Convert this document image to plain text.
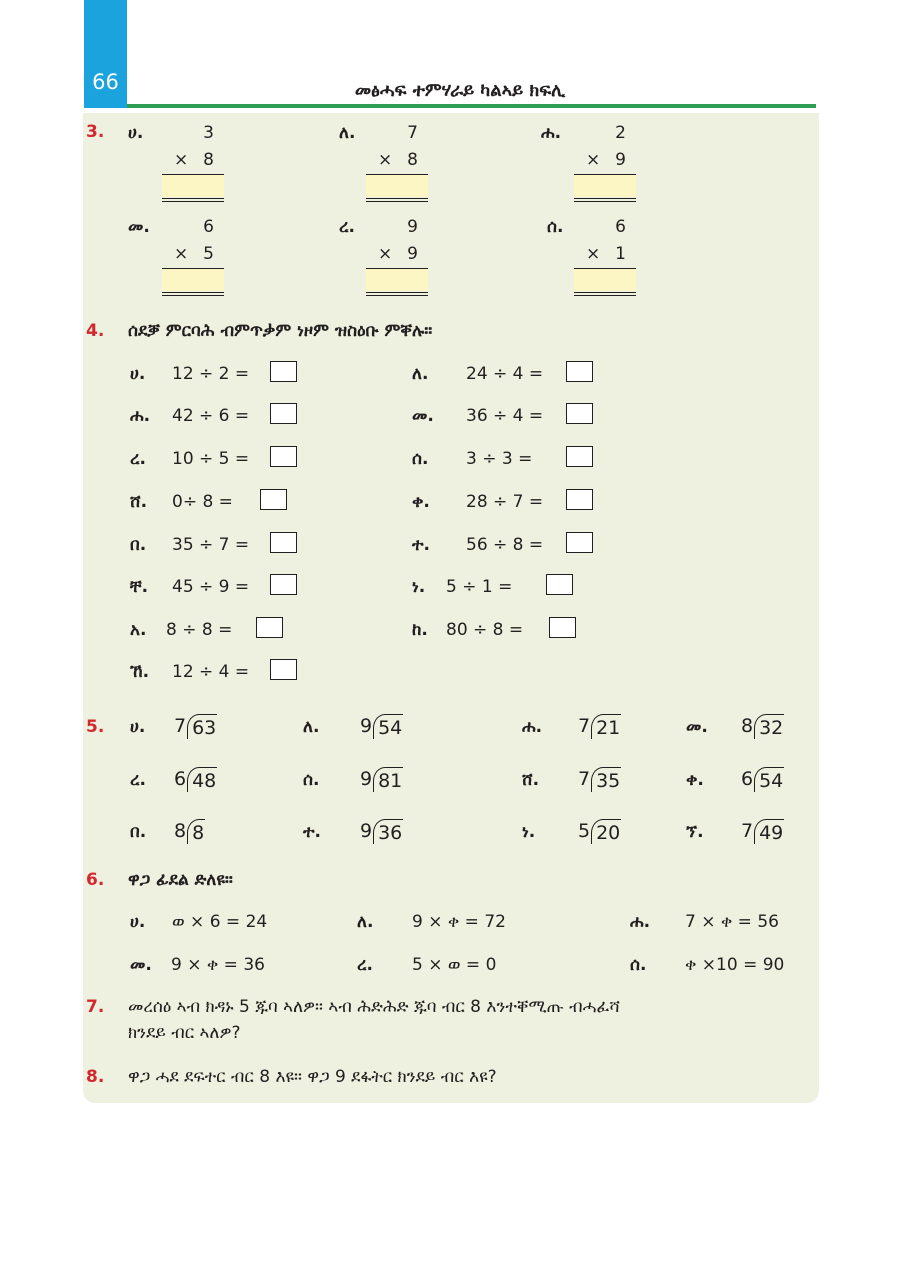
66	መፅሓፍ ተምሃራይ ካልኣይ ክፍሊ
3. ሀ.	3
× 8
ለ.	7
× 8
ሐ.	2
× 9
መ.	6
× 5
ረ.	9
× 9
ሰ.	6
× 1
4. ሰደቓ ምርባሕ ብምጥቃም ነዞም ዝስዕቡ ምቐሉ።
ሀ. 12 ÷ 2 =	ለ. 24 ÷ 4 =
ሐ. 42 ÷ 6 =	መ. 36 ÷ 4 =
ረ. 10 ÷ 5 =	ሰ. 3 ÷ 3 =
ሸ. 0÷ 8 =	ቀ. 28 ÷ 7 =
በ. 35 ÷ 7 =	ተ. 56 ÷ 8 =
ቸ. 45 ÷ 9 =	ነ. 5 ÷ 1 =
አ. 8 ÷ 8 =	ከ. 80 ÷ 8 =
ኸ. 12 ÷ 4 =
5. ሀ. 7 63	ለ. 9 54	ሐ. 7 21	መ. 8 32
ረ. 6 48	ሰ. 9 81	ሸ. 7 35	ቀ. 6 54
በ. 8 8	ተ. 9 36	ነ. 5 20	ኘ. 7 49
6. ዋጋ ፊደል ድለዩ።
ሀ. ወ × 6 = 24	ለ. 9 × ቀ = 72	ሐ. 7 × ቀ = 56
መ. 9 × ቀ = 36	ረ. 5 × ወ = 0	ሰ. ቀ ×10 = 90
7. መረሰዕ ኣብ ክዳኑ 5 ጁባ ኣለዎ። ኣብ ሕድሕድ ጁባ ብር 8 እንተቐሚጡ ብሓፈሻ
ክንደይ ብር ኣለዎ?
8. ዋጋ ሓደ ደፍተር ብር 8 እዩ። ዋጋ 9 ደፋትር ክንደይ ብር እዩ?
